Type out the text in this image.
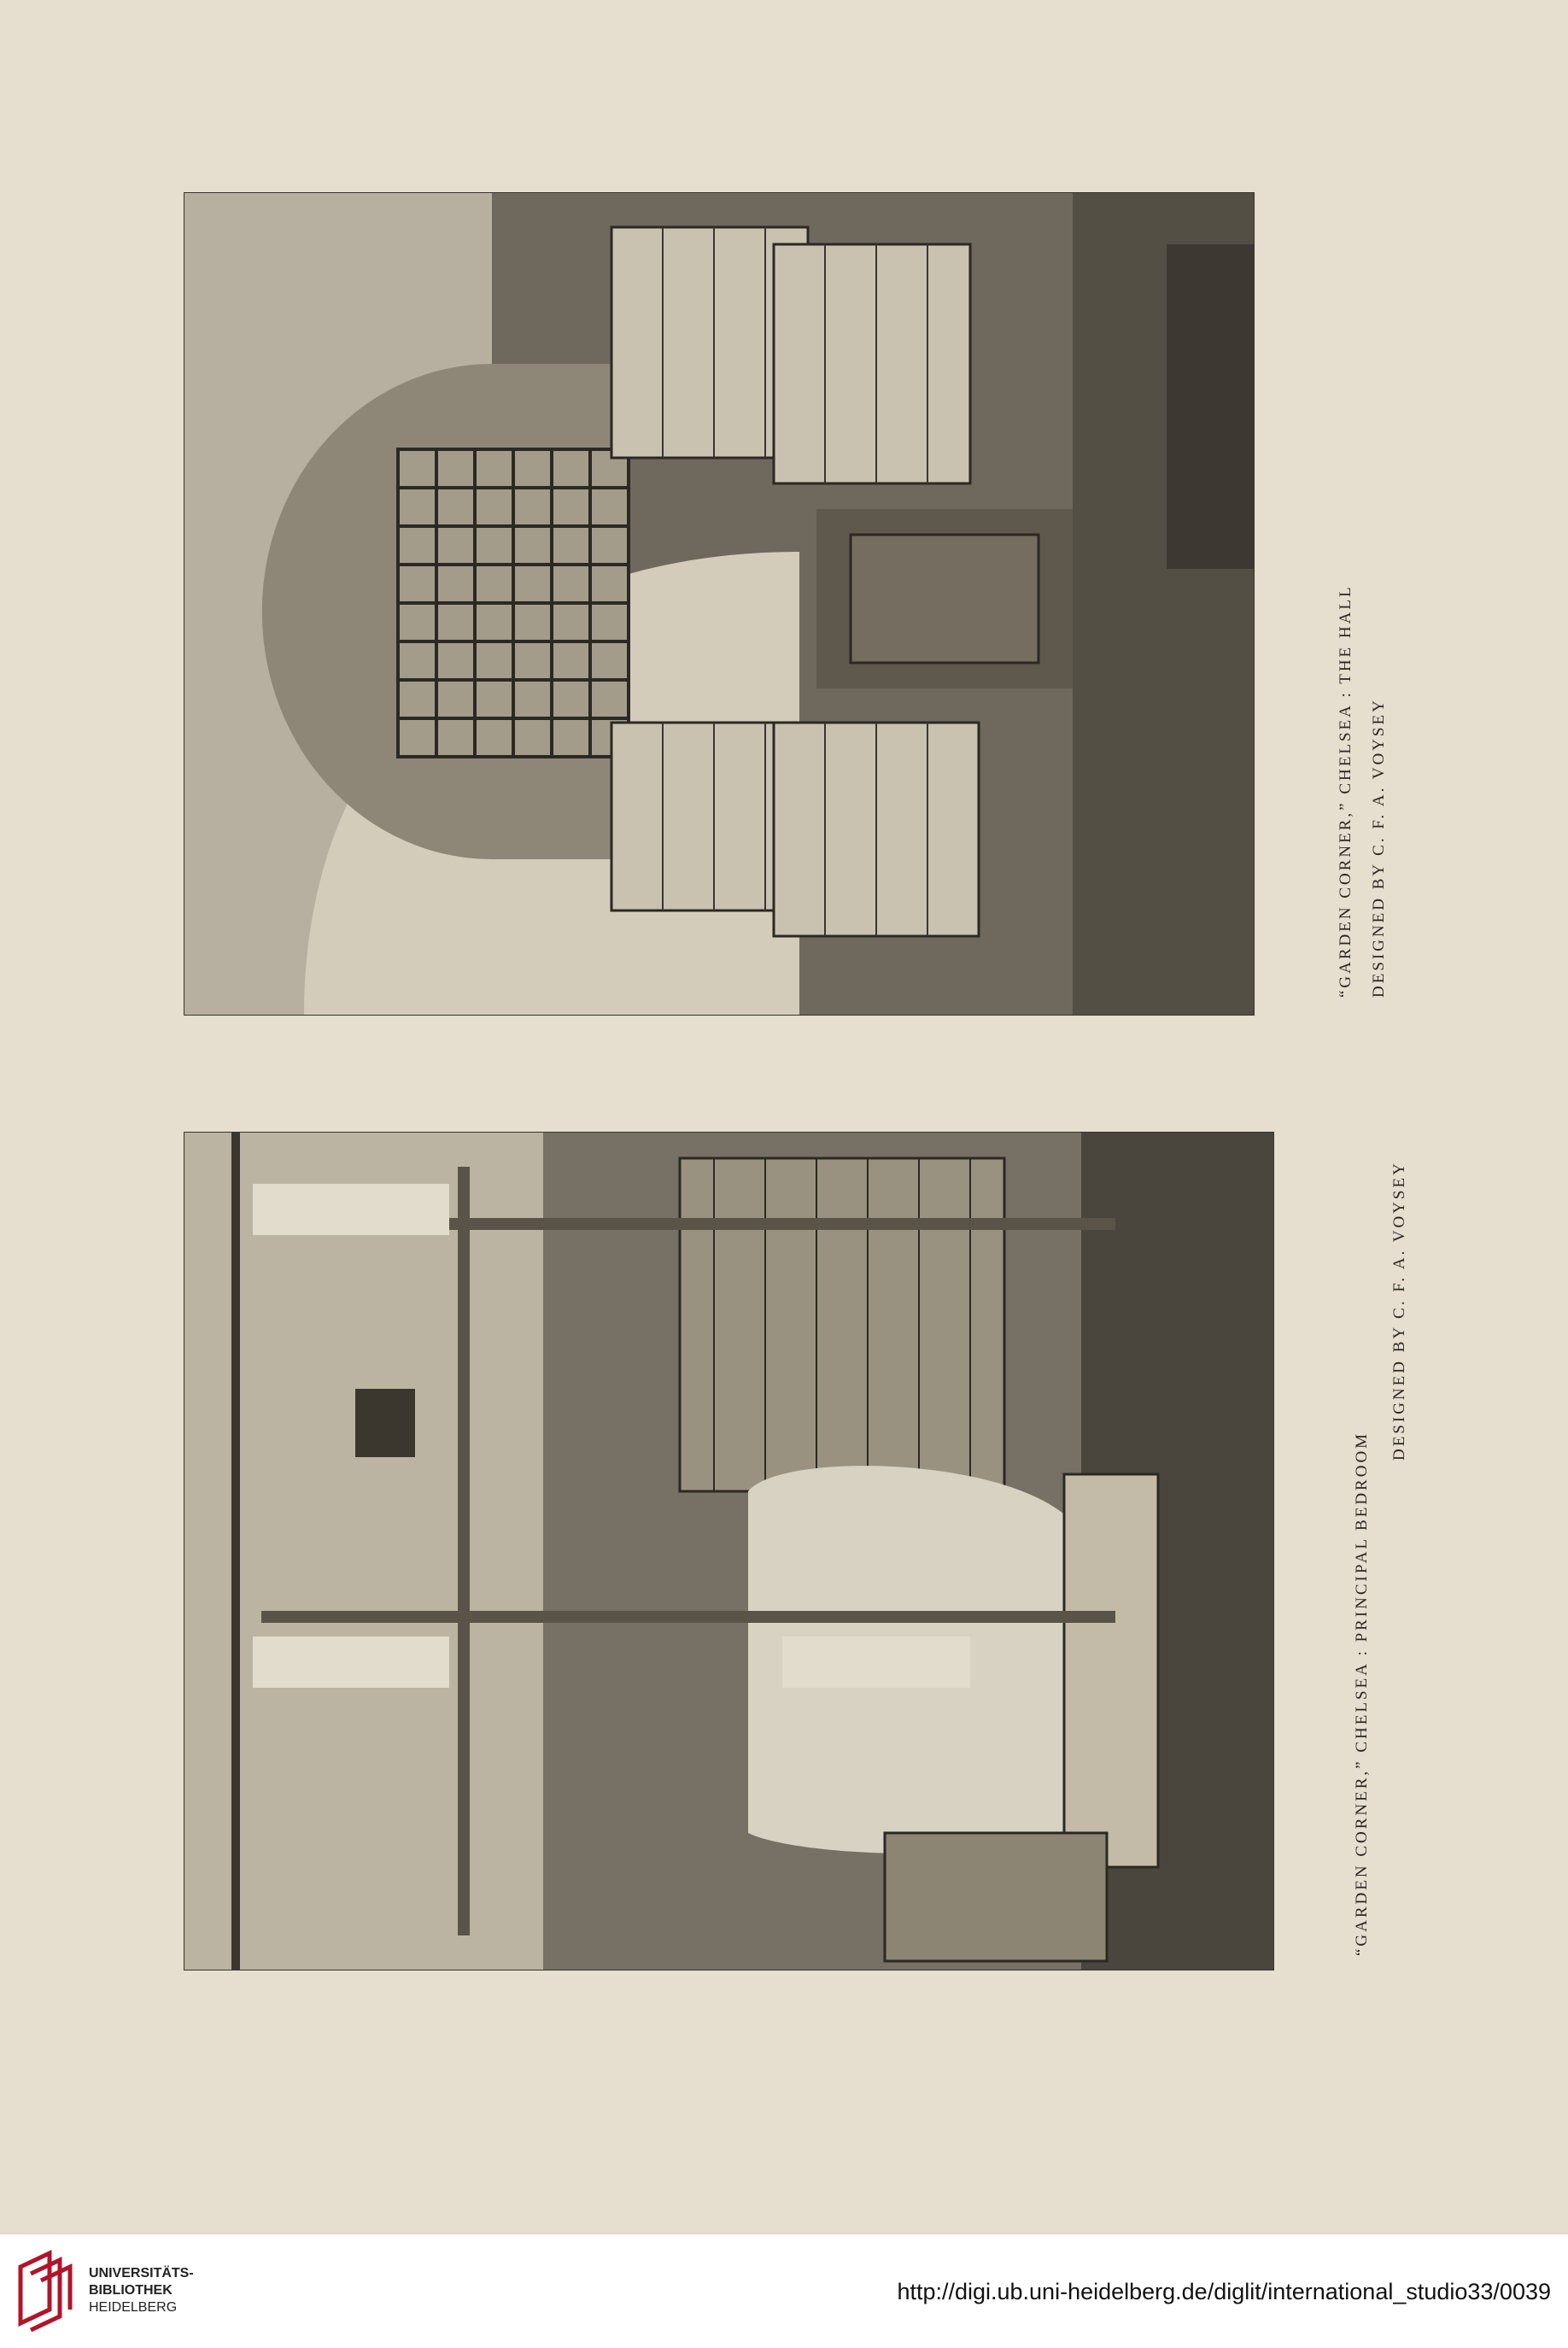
“GARDEN CORNER,” CHELSEA : THE HALL DESIGNED BY C. F. A. VOYSEY
“GARDEN CORNER,” CHELSEA : PRINCIPAL BEDROOM
DESIGNED BY C. F. A. VOYSEY
UNIVERSITÄTS-
BIBLIOTHEK
HEIDELBERG
http://digi.ub.uni-heidelberg.de/diglit/international_studio33/0039
